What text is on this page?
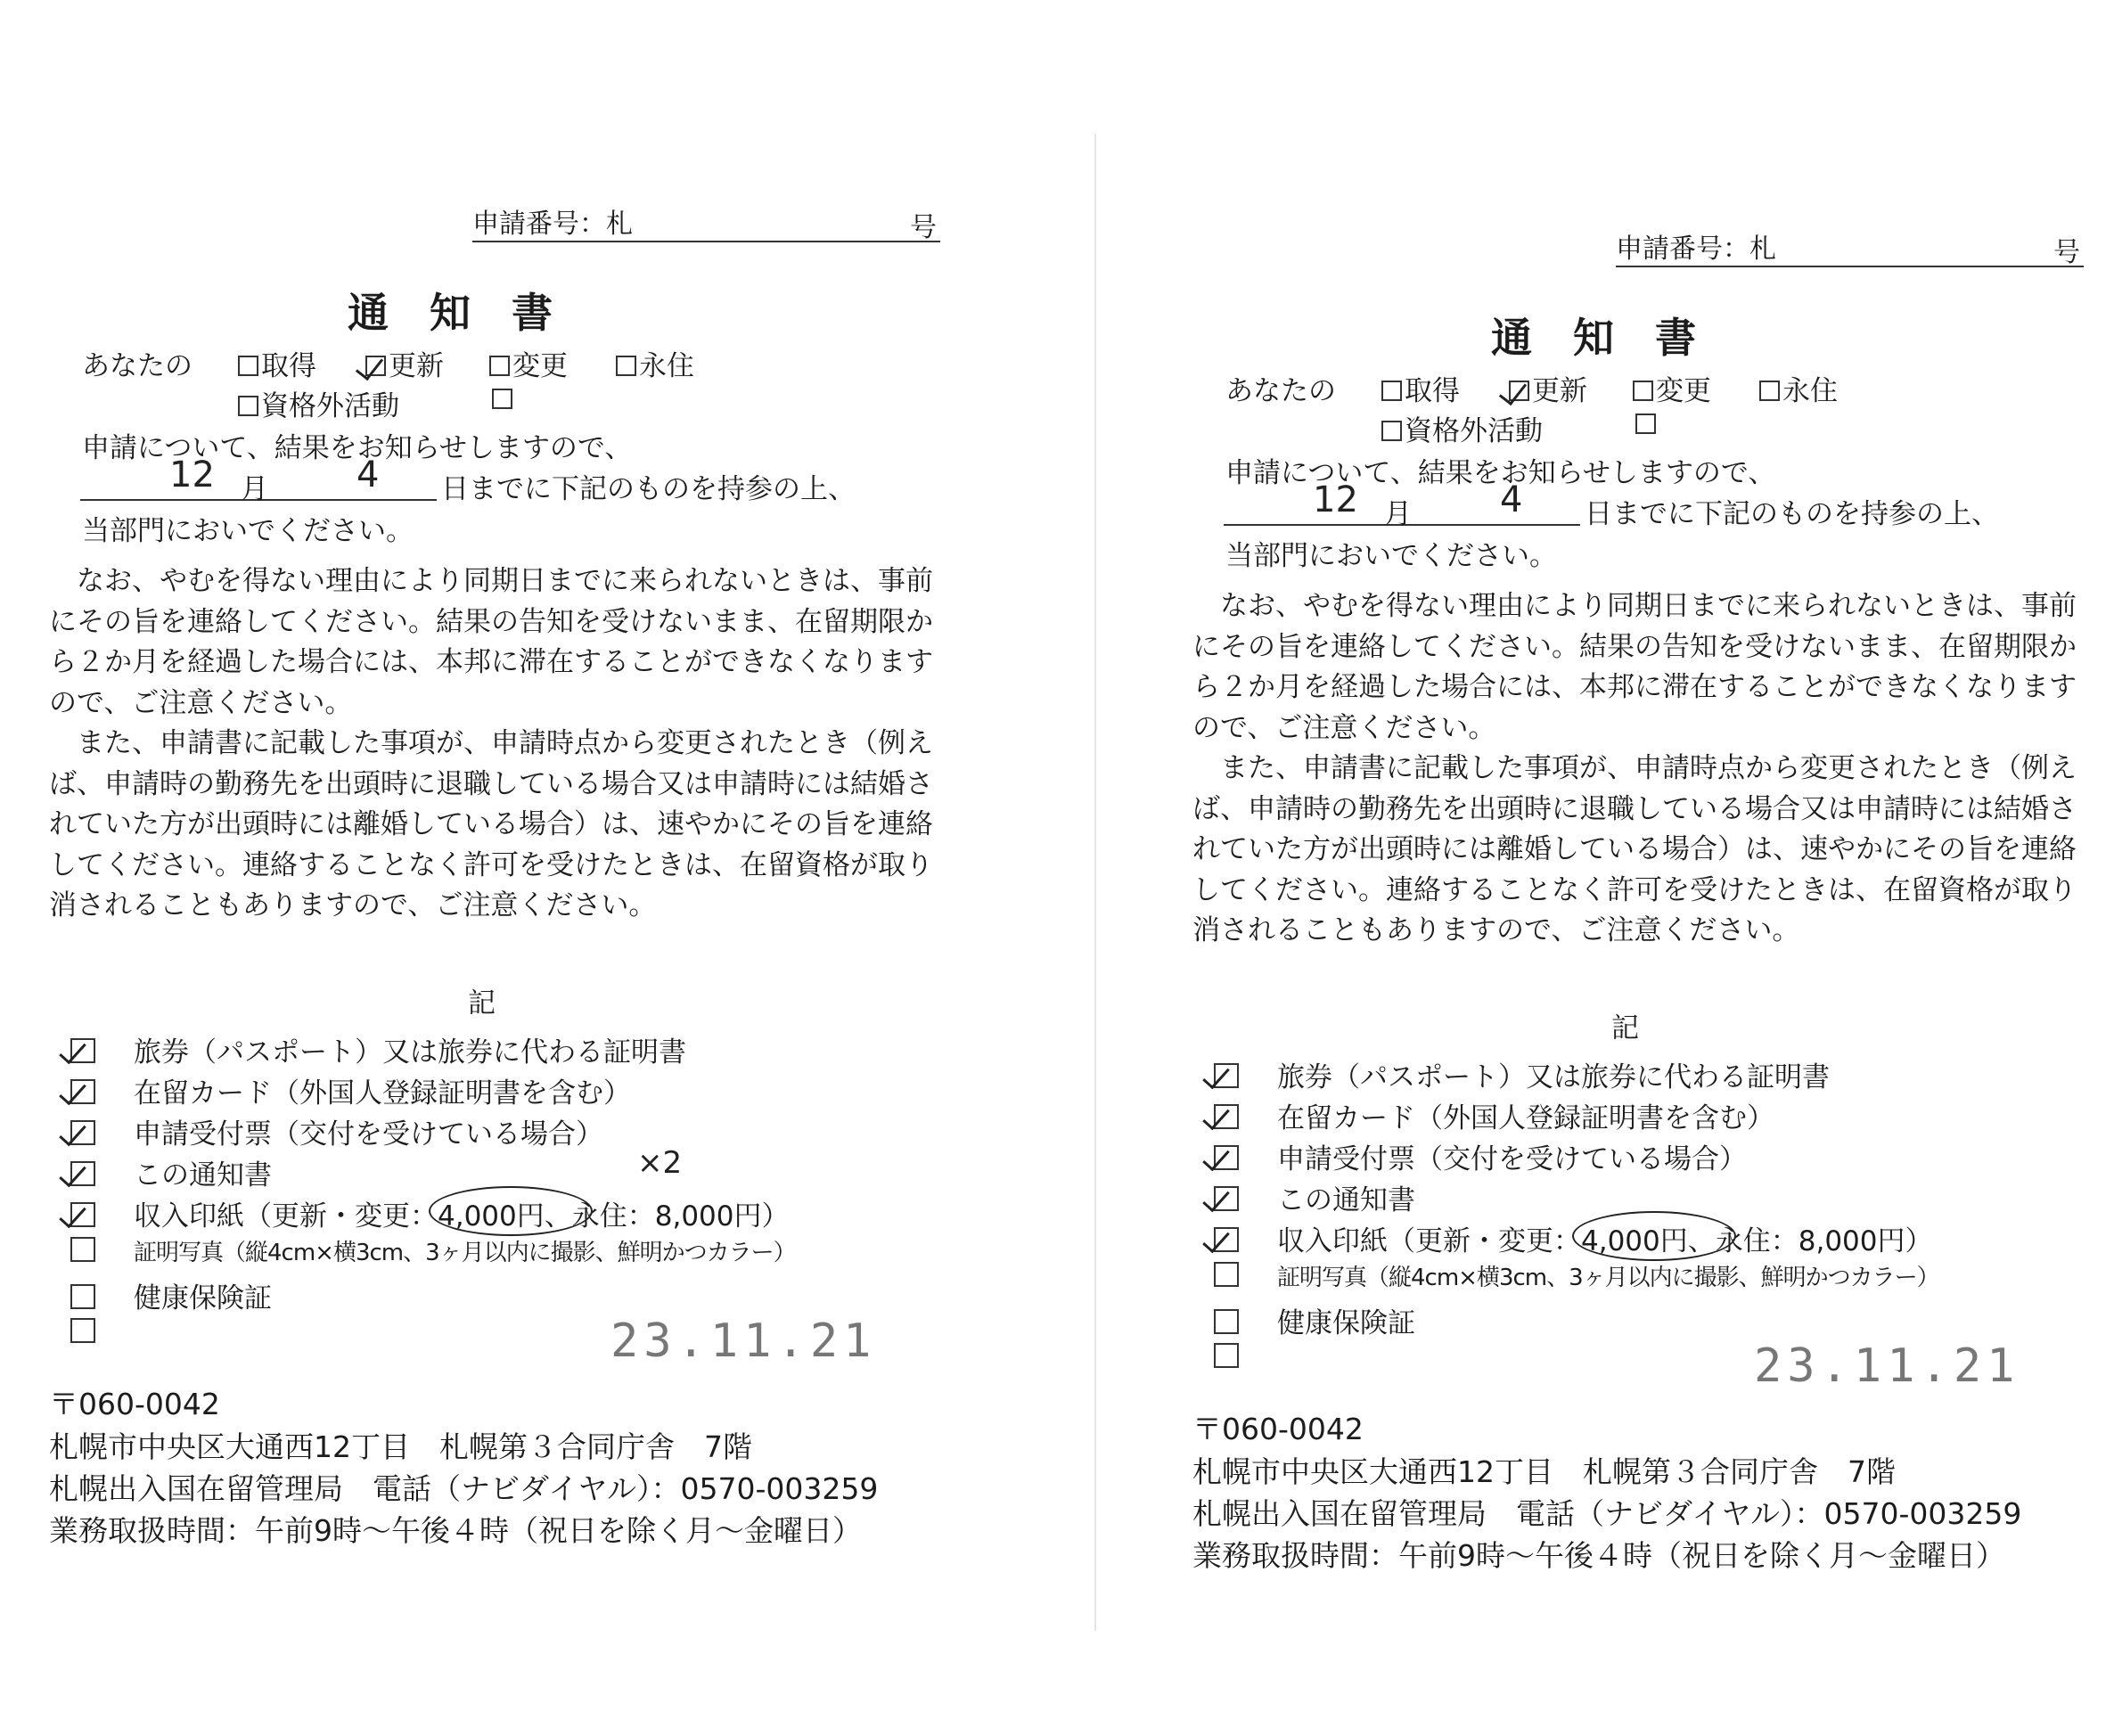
申請番号：札	号
通知書
あなたの	取得	更新	変更	永住
資格外活動
申請について、結果をお知らせしますので、
12 月 4 日までに下記のものを持参の上、
当部門においでください。

　なお、やむを得ない理由により同期日までに来られないときは、事前にその旨を連絡してください。結果の告知を受けないまま、在留期限から２か月を経過した場合には、本邦に滞在することができなくなりますので、ご注意ください。

　また、申請書に記載した事項が、申請時点から変更されたとき（例えば、申請時の勤務先を出頭時に退職している場合又は申請時には結婚されていた方が出頭時には離婚している場合）は、速やかにその旨を連絡してください。連絡することなく許可を受けたときは、在留資格が取り消されることもありますので、ご注意ください。

記
旅券（パスポート）又は旅券に代わる証明書
在留カード（外国人登録証明書を含む）
申請受付票（交付を受けている場合）
この通知書
収入印紙（更新・変更：4,000円
、永住：8,000円）
証明写真（縦4cm×横3cm、3ヶ月以内に撮影、鮮明かつカラー）
健康保険証
×2
23.11.21
〒060-0042
札幌市中央区大通西12丁目　札幌第３合同庁舎　7階
札幌出入国在留管理局　電話（ナビダイヤル）：0570-003259
業務取扱時間：午前9時～午後４時（祝日を除く月～金曜日）
申請番号：札	号
通知書
あなたの	取得	更新	変更	永住
資格外活動
申請について、結果をお知らせしますので、
12 月 4 日までに下記のものを持参の上、
当部門においでください。

　なお、やむを得ない理由により同期日までに来られないときは、事前にその旨を連絡してください。結果の告知を受けないまま、在留期限から２か月を経過した場合には、本邦に滞在することができなくなりますので、ご注意ください。

　また、申請書に記載した事項が、申請時点から変更されたとき（例えば、申請時の勤務先を出頭時に退職している場合又は申請時には結婚されていた方が出頭時には離婚している場合）は、速やかにその旨を連絡してください。連絡することなく許可を受けたときは、在留資格が取り消されることもありますので、ご注意ください。

記
旅券（パスポート）又は旅券に代わる証明書
在留カード（外国人登録証明書を含む）
申請受付票（交付を受けている場合）
この通知書
収入印紙（更新・変更：4,000円
、永住：8,000円）
証明写真（縦4cm×横3cm、3ヶ月以内に撮影、鮮明かつカラー）
健康保険証
23.11.21
〒060-0042
札幌市中央区大通西12丁目　札幌第３合同庁舎　7階
札幌出入国在留管理局　電話（ナビダイヤル）：0570-003259
業務取扱時間：午前9時～午後４時（祝日を除く月～金曜日）
